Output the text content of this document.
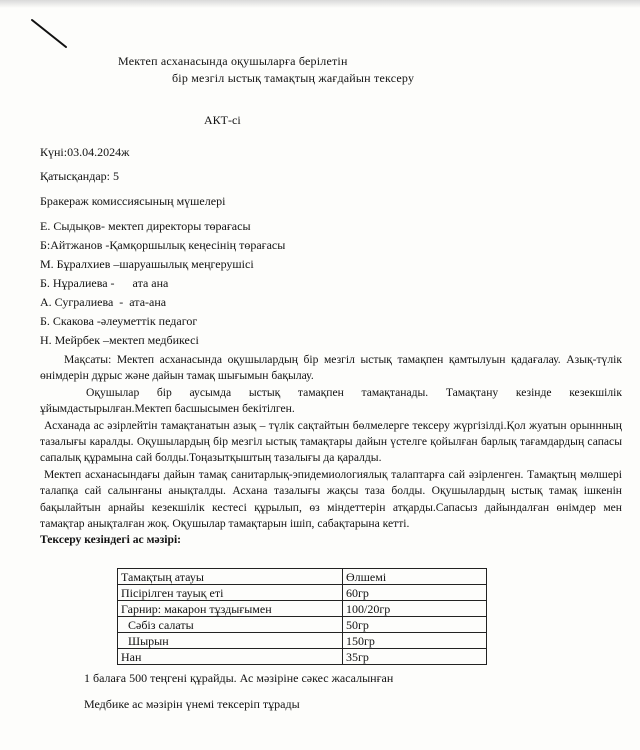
Мектеп асханасында оқушыларға берілетін
бір мезгіл ыстық тамақтың жағдайын тексеру
АКТ-сі
Күні:03.04.2024ж
Қатысқандар: 5
Бракераж комиссиясының мүшелері
Е. Сыдықов- мектеп директоры төрағасы
Б:Айтжанов -Қамқоршылық кеңесінің төрағасы
М. Бұралхиев –шаруашылық меңгерушісі
Б. Нұралиева -      ата ана
А. Сугралиева  -  ата-ана
Б. Скакова -әлеуметтік педагог
Н. Мейрбек –мектеп медбикесі

Мақсаты: Мектеп асханасында оқушылардың бір мезгіл ыстық тамақпен қамтылуын қадағалау. Азық-түлік өнімдерін дұрыс және дайын тамақ шығымын бақылау.

Оқушылар бір аусымда ыстық тамақпен тамақтанады. Тамақтану кезінде кезекшілік ұйымдастырылған.Мектеп басшысымен бекітілген.

Асханада ас әзірлейтін тамақтанатын азық – түлік сақтайтын бөлмелерге тексеру жүргізілді.Қол жуатын орыннның тазалығы каралды. Оқушылардың бір мезгіл ыстық тамақтары дайын үстелге қойылған барлық тағамдардың сапасы сапалық құрамына сай болды.Тоңазытқыштың тазалығы да қаралды.

Мектеп асханасындағы дайын тамақ санитарлық-эпидемиологиялық талаптарға сай әзірленген. Тамақтың мөлшері талапқа сай салынғаны анықталды. Асхана тазалығы жақсы таза болды. Оқушылардың ыстық тамақ ішкенін бақылайтын арнайы кезекшілік кестесі құрылып, өз міндеттерін атқарды.Сапасыз дайындалған өнімдер мен тамақтар анықталған жоқ. Оқушылар тамақтарын ішіп, сабақтарына кетті.

Тексеру кезіндегі ас мәзірі:

Тамақтың атауы	Өлшемі
Пісірілген тауық еті	60гр
Гарнир: макарон тұздығымен	100/20гр
Сәбіз салаты	50гр
Шырын	150гр
Нан	35гр
1 балаға 500 теңгені құрайды. Ас мәзіріне сәкес жасалынған
Медбике ас мәзірін үнемі тексеріп тұрады
